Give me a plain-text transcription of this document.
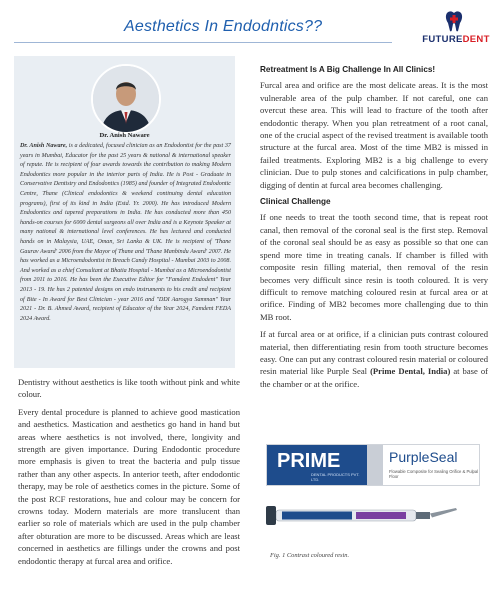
Aesthetics In Endodntics??
FUTUREDENT
Dr. Anish Naware
Dr. Anish Naware, is a dedicated, focused clinician as an Endodontist for the past 37 years in Mumbai, Educator for the past 25 years & national & international speaker of repute. He is recipient of four awards towards the contribution to making Modern Endodontics more popular in the interior parts of India. He is Post - Graduate in Conservative Dentistry and Endodontics (1985) and founder of Integrated Endodontic Centre, Thane (Clinical endodontics & weekend continuing dental education programs), first of its kind in India (Estd. Yr. 2000). He has introduced Modern Endodontics and tapered preparations in India. He has conducted more than 450 hands-on courses for 6000 dental surgeons all over India and is a Keynote Speaker at many national & international level conferences. He has lectured and conducted hands on in Malaysia, UAE, Oman, Sri Lanka & UK. He is recipient of 'Thane Gaurav Award' 2006 from the Mayor of Thane and 'Thane Manbindu Award' 2007. He has worked as a Microendodontist in Breach Candy Hospital - Mumbai 2003 to 2008. And worked as a chief Consultant at Bhatia Hospital - Mumbai as a Microendodontist from 2011 to 2016. He has been the Executive Editor for "Famdent Endodent" Year 2013 - 19. He has 2 patented designs on endo instruments to his credit and recipient of Bite - In Award for Best Clinician - year 2016 and "DDI Aarogya Samman" Year 2021 - Dr. B. Ahmed Award, recipient of Educator of the Year 2024, Famdent FEDA 2024 Award.

Dentistry without aesthetics is like tooth without pink and white colour.

Every dental procedure is planned to achieve good mastication and aesthetics. Mastication and aesthetics go hand in hand but areas where aesthetics is not involved, there, longivity and strength are given importance. During Endodontic procedure more emphasis is given to treat the bacteria and pulp tissue rather than any other aspects. In anterior teeth, after endodontic therapy, may be role of aesthetics comes in the picture. Some of the post RCF restorations, hue and colour may be concern for crowns today. Modern materials are more translucent than earlier so role of materials which are used in the pulp chamber after obturation are more to be discussed. Areas which are least concerned in aesthetics are fillings under the crowns and post endodontic therapy at furcal area and orifice.

Retreatment Is A Big Challenge In All Clinics!

Furcal area and orifice are the most delicate areas. It is the most vulnerable area of the pulp chamber. If not careful, one can overcut these area. This will lead to fracture of the tooth after endodontic therapy. When you plan retreatment of a root canal, one of the crucial aspect of the revised treatment is available tooth structure at the furcal area. Most of the time MB2 is missed in failed treatments. Exploring MB2 is a big challenge to every clinician. Due to pulp stones and calcifications in pulp chamber, digging of dentin at furcal area becomes challenging.

Clinical Challenge

If one needs to treat the tooth second time, that is repeat root canal, then removal of the coronal seal is the first step. Removal of the coronal seal should be as easy as possible so that one can spend more time in treating canals. If chamber is filled with composite resin filling material, then removal of the resin becomes very difficult since resin is tooth coloured. It is very difficult to remove matching coloured resin at furcal area or at orifice. Finding of MB2 becomes more challenging due to thin MB root.

If at furcal area or at orifice, if a clinician puts contrast coloured material, then differentiating resin from tooth structure becomes easy. One can put any contrast coloured resin material or coloured resin material like Purple Seal (Prime Dental, India) at base of the chamber or at the orifice.

PRIME
DENTAL PRODUCTS PVT. LTD.
PurpleSeal
Flowable Composite for Sealing Orifice & Pulpal Floor
Fig. 1 Contrast coloured resin.
